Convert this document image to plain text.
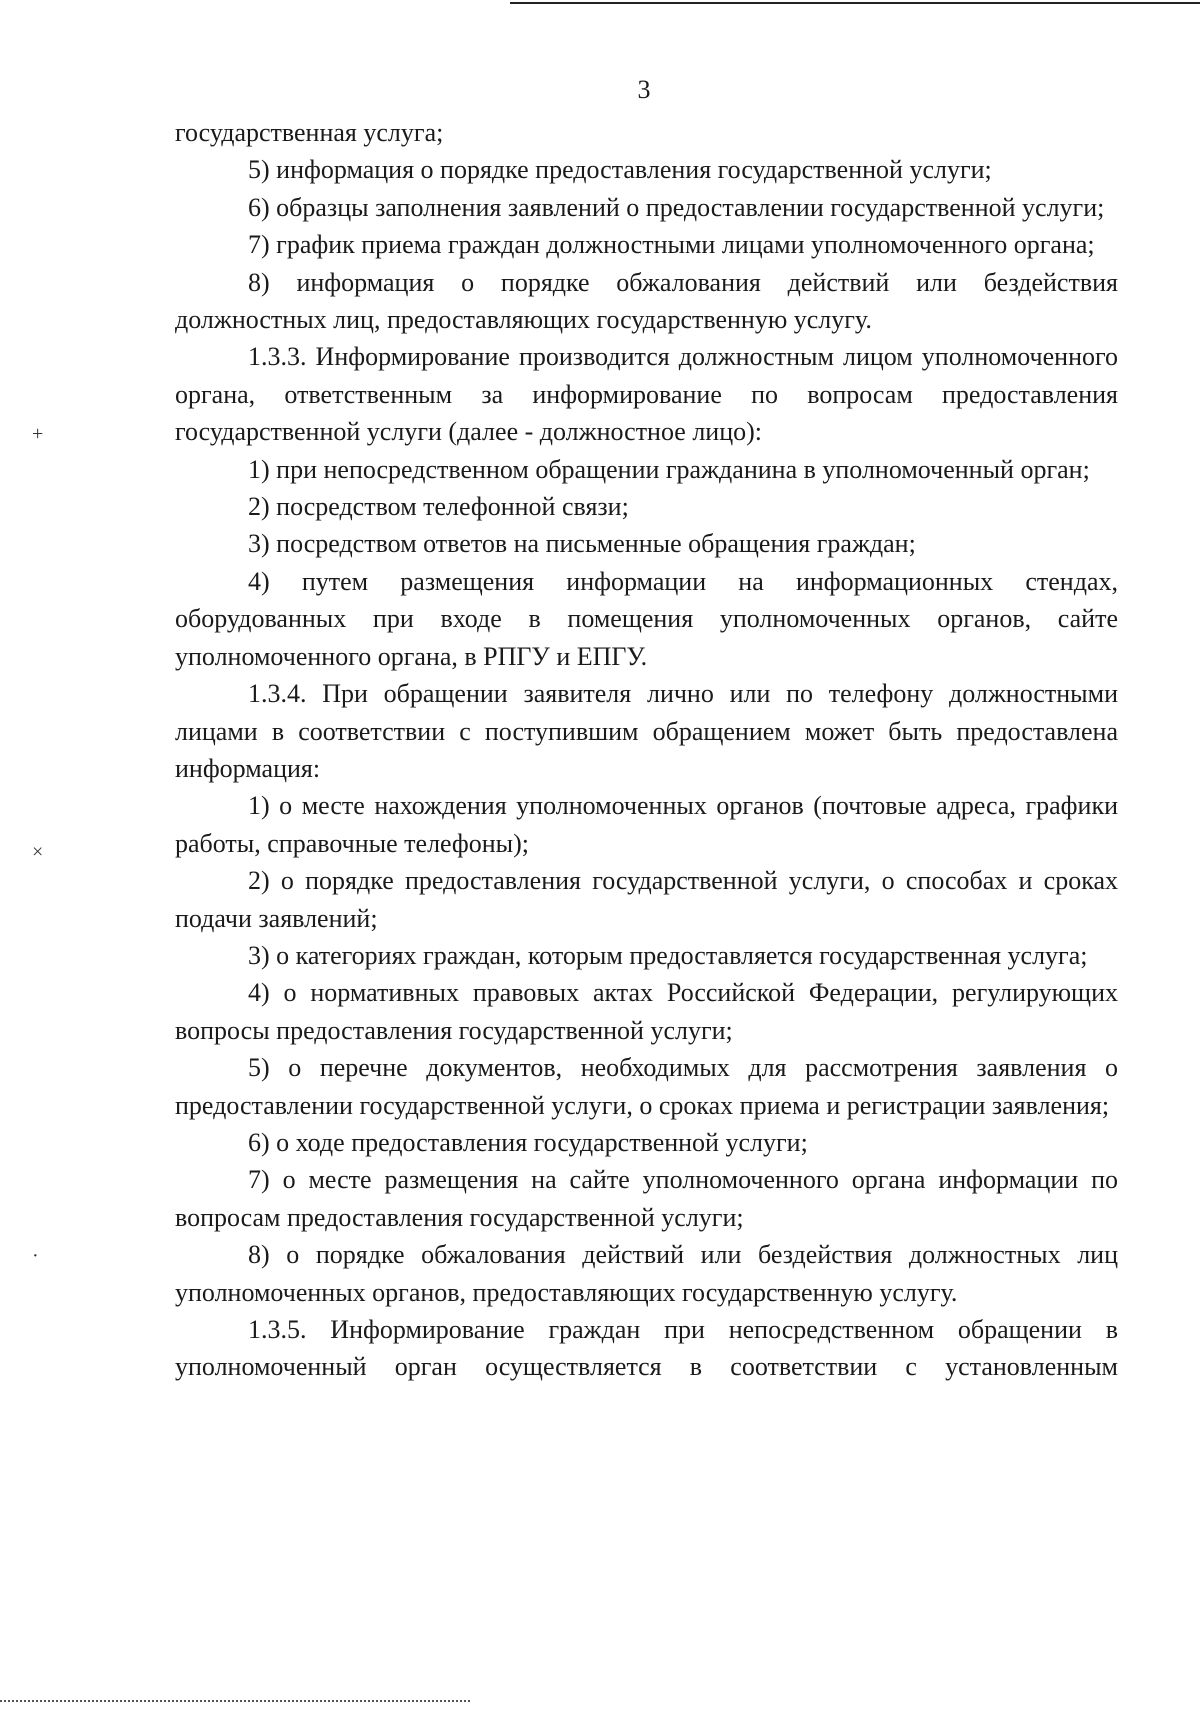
3

государственная услуга;

5) информация о порядке предоставления государственной услуги;

6) образцы заполнения заявлений о предоставлении государственной услуги;

7) график приема граждан должностными лицами уполномоченного органа;

8) информация о порядке обжалования действий или бездействия должностных лиц, предоставляющих государственную услугу.

1.3.3. Информирование производится должностным лицом уполномоченного органа, ответственным за информирование по вопросам предоставления государственной услуги (далее - должностное лицо):

1) при непосредственном обращении гражданина в уполномоченный орган;

2) посредством телефонной связи;

3) посредством ответов на письменные обращения граждан;

4) путем размещения информации на информационных стендах, оборудованных при входе в помещения уполномоченных органов, сайте уполномоченного органа, в РПГУ и ЕПГУ.

1.3.4. При обращении заявителя лично или по телефону должностными лицами в соответствии с поступившим обращением может быть предоставлена информация:

1) о месте нахождения уполномоченных органов (почтовые адреса, графики работы, справочные телефоны);

2) о порядке предоставления государственной услуги, о способах и сроках подачи заявлений;

3) о категориях граждан, которым предоставляется государственная услуга;

4) о нормативных правовых актах Российской Федерации, регулирующих вопросы предоставления государственной услуги;

5) о перечне документов, необходимых для рассмотрения заявления о предоставлении государственной услуги, о сроках приема и регистрации заявления;

6) о ходе предоставления государственной услуги;

7) о месте размещения на сайте уполномоченного органа информации по вопросам предоставления государственной услуги;

8) о порядке обжалования действий или бездействия должностных лиц уполномоченных органов, предоставляющих государственную услугу.

1.3.5. Информирование граждан при непосредственном обращении в уполномоченный орган осуществляется в соответствии с установленным

+
×
·
